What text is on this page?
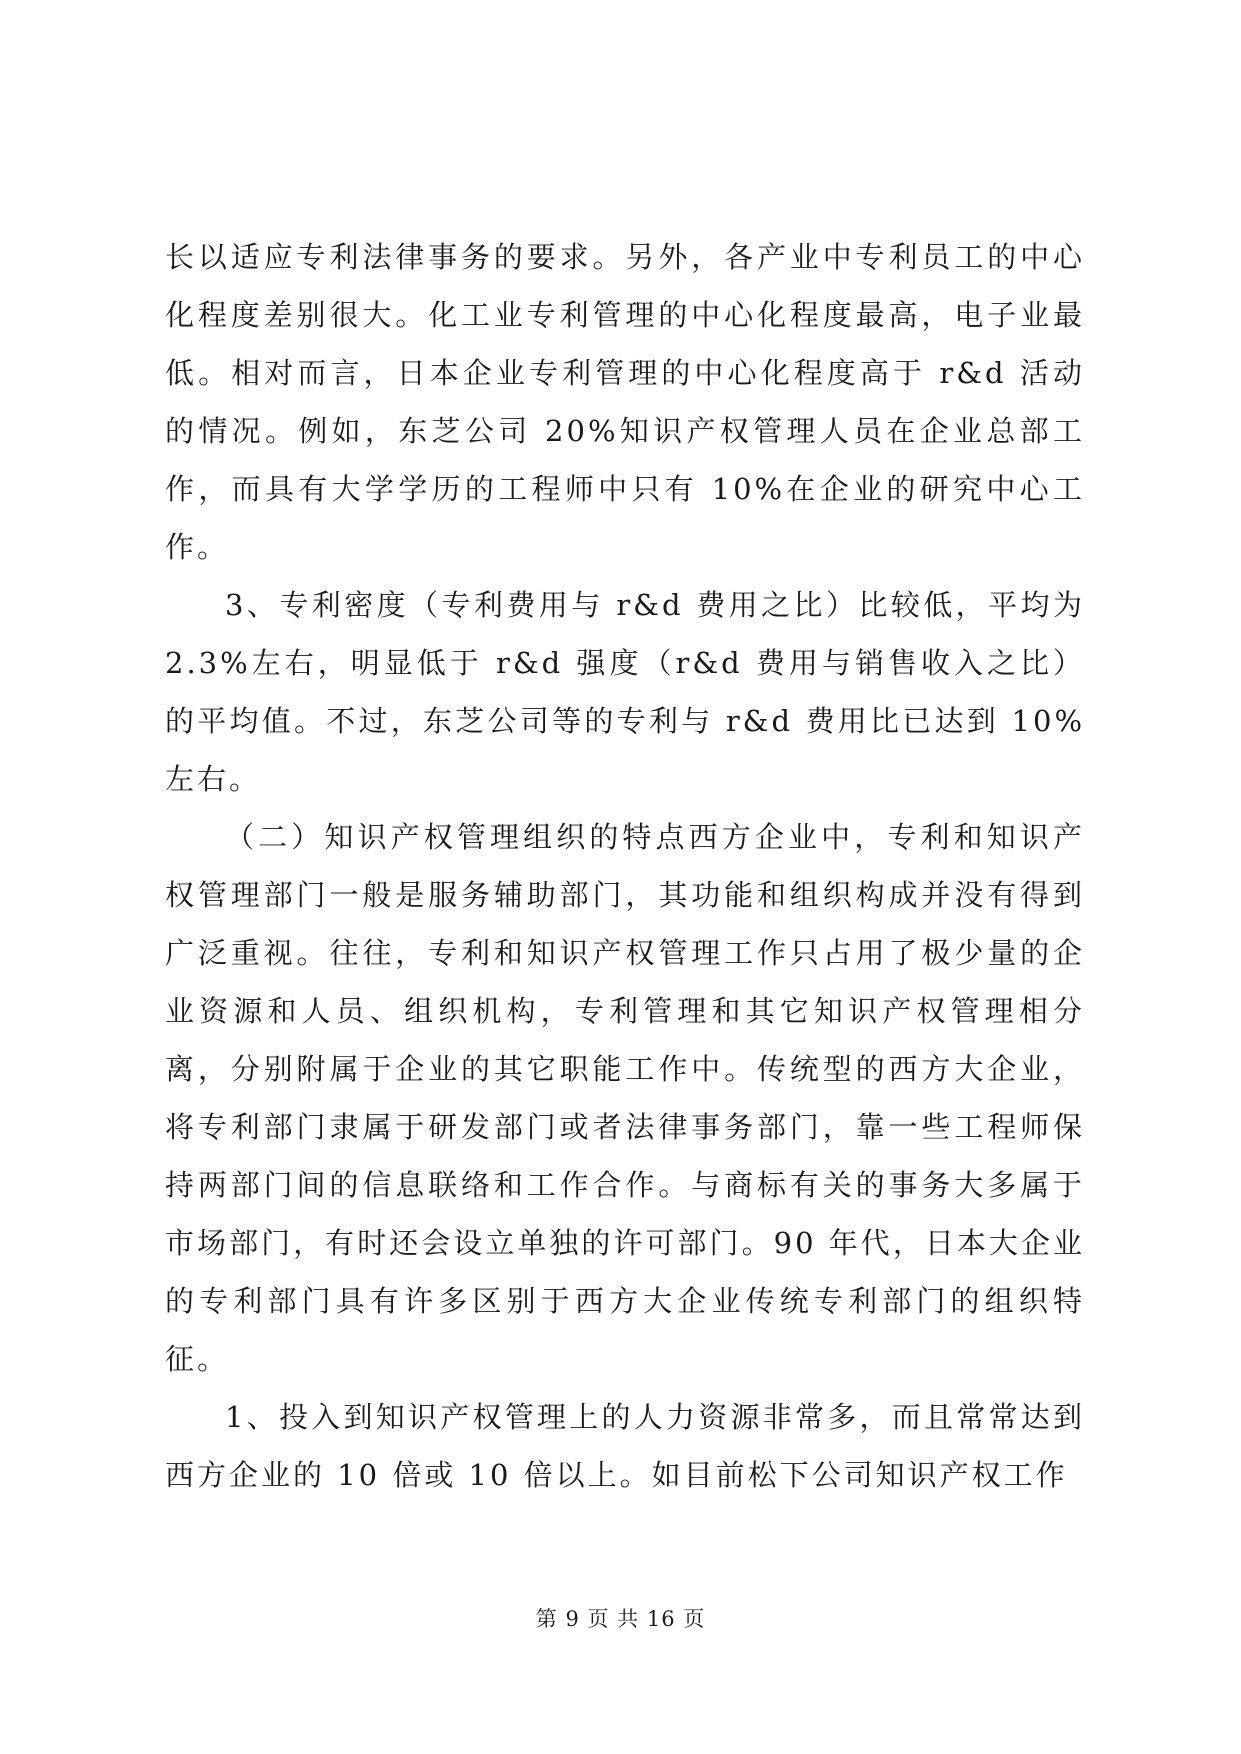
长以适应专利法律事务的要求。另外，各产业中专利员工的中心化程度差别很大。化工业专利管理的中心化程度最高，电子业最低。相对而言，日本企业专利管理的中心化程度高于 r&d 活动的情况。例如，东芝公司 20%知识产权管理人员在企业总部工作，而具有大学学历的工程师中只有 10%在企业的研究中心工作。

3、专利密度（专利费用与 r&d 费用之比）比较低，平均为 2.3%左右，明显低于 r&d 强度（r&d 费用与销售收入之比）的平均值。不过，东芝公司等的专利与 r&d 费用比已达到 10%左右。

（二）知识产权管理组织的特点西方企业中，专利和知识产权管理部门一般是服务辅助部门，其功能和组织构成并没有得到广泛重视。往往，专利和知识产权管理工作只占用了极少量的企业资源和人员、组织机构，专利管理和其它知识产权管理相分离，分别附属于企业的其它职能工作中。传统型的西方大企业，将专利部门隶属于研发部门或者法律事务部门，靠一些工程师保持两部门间的信息联络和工作合作。与商标有关的事务大多属于市场部门，有时还会设立单独的许可部门。90 年代，日本大企业的专利部门具有许多区别于西方大企业传统专利部门的组织特征。

1、投入到知识产权管理上的人力资源非常多，而且常常达到西方企业的 10 倍或 10 倍以上。如目前松下公司知识产权工作

第 9 页 共 16 页
